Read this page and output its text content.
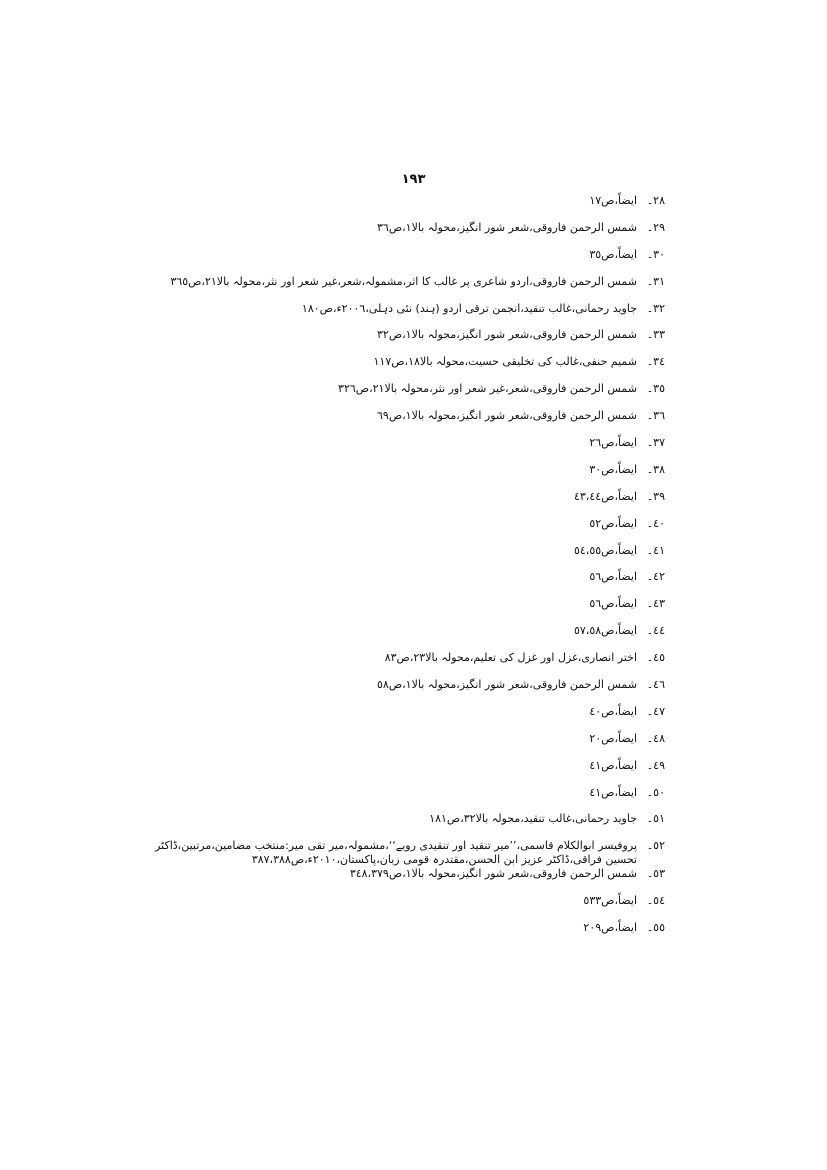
١٩٣
٢٨۔
ایضاً،ص١٧
٢٩۔
شمس الرحمن فاروقی،شعر شور انگیز،محولہ بالا١،ص٣٦
٣٠۔
ایضاً،ص٣٥
٣١۔
شمس الرحمن فاروقی،اردو شاعری پر غالب کا اثر،مشمولہ،شعر،غیر شعر اور نثر،محولہ بالا٢١،ص٣٦٥
٣٢۔
جاوید رحمانی،غالب تنقید،انجمن ترقی اردو (ہند) نئی دہلی،٢٠٠٦ء،ص١٨٠
٣٣۔
شمس الرحمن فاروقی،شعر شور انگیز،محولہ بالا١،ص٣٢
٣٤۔
شمیم حنفی،غالب کی تخلیقی حسیت،محولہ بالا١٨،ص١١٧
٣٥۔
شمس الرحمن فاروقی،شعر،غیر شعر اور نثر،محولہ بالا٢١،ص٣٢٦
٣٦۔
شمس الرحمن فاروقی،شعر شور انگیز،محولہ بالا١،ص٦٩
٣٧۔
ایضاً،ص٢٦
٣٨۔
ایضاً،ص٣٠
٣٩۔
ایضاً،ص٤٣،٤٤
٤٠۔
ایضاً،ص٥٢
٤١۔
ایضاً،ص٥٤،٥٥
٤٢۔
ایضاً،ص٥٦
٤٣۔
ایضاً،ص٥٦
٤٤۔
ایضاً،ص٥٧،٥٨
٤٥۔
اختر انصاری،غزل اور غزل کی تعلیم،محولہ بالا٢٣،ص٨٣
٤٦۔
شمس الرحمن فاروقی،شعر شور انگیز،محولہ بالا١،ص٥٨
٤٧۔
ایضاً،ص٤٠
٤٨۔
ایضاً،ص٢٠
٤٩۔
ایضاً،ص٤١
٥٠۔
ایضاً،ص٤١
٥١۔
جاوید رحمانی،غالب تنقید،محولہ بالا٣٢،ص١٨١
٥٢۔
پروفیسر ابوالکلام قاسمی،’’میر تنقید اور تنقیدی رویے‘‘،مشمولہ،میر تقی میر:منتخب مضامین،مرتبین،ڈاکٹر تحسین فراقی،ڈاکٹر عزیز ابن الحسن،مقتدرہ قومی زبان،پاکستان،٢٠١٠ء،ص٣٨٧،٣٨٨
٥٣۔
شمس الرحمن فاروقی،شعر شور انگیز،محولہ بالا١،ص٣٤٨،٣٧٩
٥٤۔
ایضاً،ص٥٣٣
٥٥۔
ایضاً،ص٢٠٩
